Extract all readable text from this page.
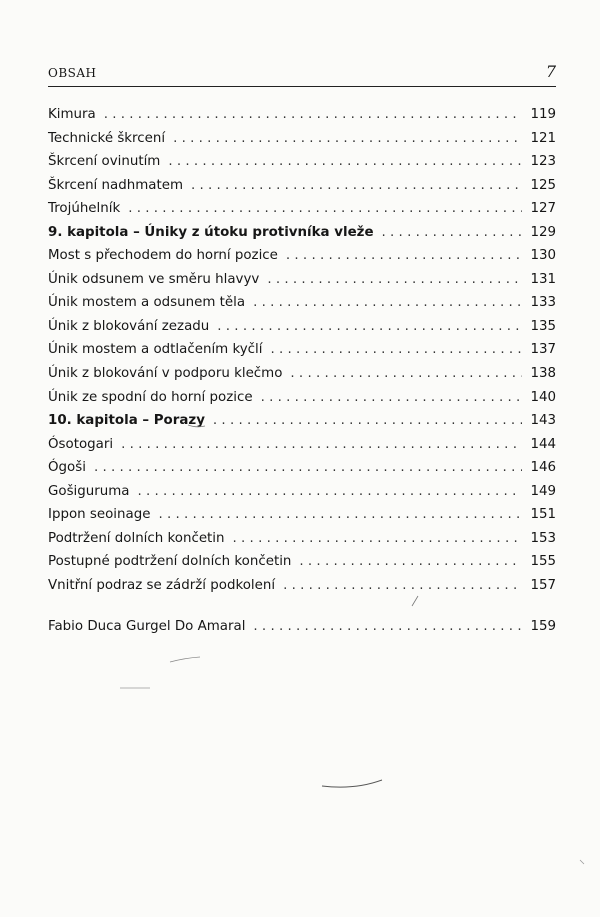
OBSAH	7
Kimura . . .	119
Technické škrcení . . .	121
Škrcení ovinutím . . .	123
Škrcení nadhmatem . . .	125
Trojúhelník . . .	127
9. kapitola – Úniky z útoku protivníka vleže . . .	129
Most s přechodem do horní pozice . . .	130
Únik odsunem ve směru hlavyv . . .	131
Únik mostem a odsunem těla . . .	133
Únik z blokování zezadu . . .	135
Únik mostem a odtlačením kyčlí . . .	137
Únik z blokování v podporu klečmo . . .	138
Únik ze spodní do horní pozice . . .	140
10. kapitola – Porazy . . .	143
Ósotogari . . .	144
Ógoši . . .	146
Gošiguruma . . .	149
Ippon seoinage . . .	151
Podtržení dolních končetin . . .	153
Postupné podtržení dolních končetin . . .	155
Vnitřní podraz se zádrží podkolení . . .	157
Fabio Duca Gurgel Do Amaral . . .	159
